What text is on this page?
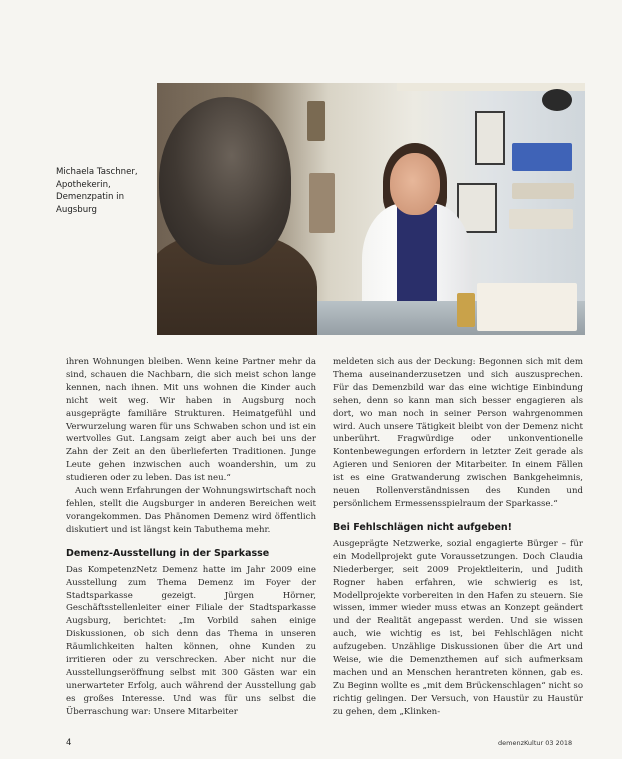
Michaela Taschner,
Apothekerin,
Demenzpatin in
Augsburg

ihren Wohnungen bleiben. Wenn keine Partner mehr da sind, schauen die Nachbarn, die sich meist schon lange kennen, nach ihnen. Mit uns wohnen die Kinder auch nicht weit weg. Wir haben in Augsburg noch ausgeprägte familiäre Strukturen. Heimatgefühl und Verwurzelung waren für uns Schwaben schon und ist ein wertvolles Gut. Langsam zeigt aber auch bei uns der Zahn der Zeit an den überlieferten Traditionen. Junge Leute gehen inzwischen auch woandershin, um zu studieren oder zu leben. Das ist neu.“

Auch wenn Erfahrungen der Wohnungswirtschaft noch fehlen, stellt die Augsburger in anderen Bereichen weit vorangekommen. Das Phänomen Demenz wird öffentlich diskutiert und ist längst kein Tabuthema mehr.

Demenz-Ausstellung in der Sparkasse

Das KompetenzNetz Demenz hatte im Jahr 2009 eine Ausstellung zum Thema Demenz im Foyer der Stadtsparkasse gezeigt. Jürgen Hörner, Geschäftsstellenleiter einer Filiale der Stadtsparkasse Augsburg, berichtet: „Im Vorbild sahen einige Diskussionen, ob sich denn das Thema in unseren Räumlichkeiten halten können, ohne Kunden zu irritieren oder zu verschrecken. Aber nicht nur die Ausstellungseröffnung selbst mit 300 Gästen war ein unerwarteter Erfolg, auch während der Ausstellung gab es großes Interesse. Und was für uns selbst die Überraschung war: Unsere Mitarbeiter

meldeten sich aus der Deckung: Begonnen sich mit dem Thema auseinanderzusetzen und sich auszusprechen. Für das Demenzbild war das eine wichtige Einbindung sehen, denn so kann man sich besser engagieren als dort, wo man noch in seiner Person wahrgenommen wird. Auch unsere Tätigkeit bleibt von der Demenz nicht unberührt. Fragwürdige oder unkonventionelle Kontenbewegungen erfordern in letzter Zeit gerade als Agieren und Senioren der Mitarbeiter. In einem Fällen ist es eine Gratwanderung zwischen Bankgeheimnis, neuen Rollenverständnissen des Kunden und persönlichem Ermessensspielraum der Sparkasse.“

Bei Fehlschlägen nicht aufgeben!

Ausgeprägte Netzwerke, sozial engagierte Bürger – für ein Modellprojekt gute Voraussetzungen. Doch Claudia Niederberger, seit 2009 Projektleiterin, und Judith Rogner haben erfahren, wie schwierig es ist, Modellprojekte vorbereiten in den Hafen zu steuern. Sie wissen, immer wieder muss etwas an Konzept geändert und der Realität angepasst werden. Und sie wissen auch, wie wichtig es ist, bei Fehlschlägen nicht aufzugeben. Unzählige Diskussionen über die Art und Weise, wie die Demenzthemen auf sich aufmerksam machen und an Menschen herantreten können, gab es. Zu Beginn wollte es „mit dem Brückenschlagen“ nicht so richtig gelingen. Der Versuch, von Haustür zu Haustür zu gehen, dem „Klinken-

4	demenzKultur 03 2018
